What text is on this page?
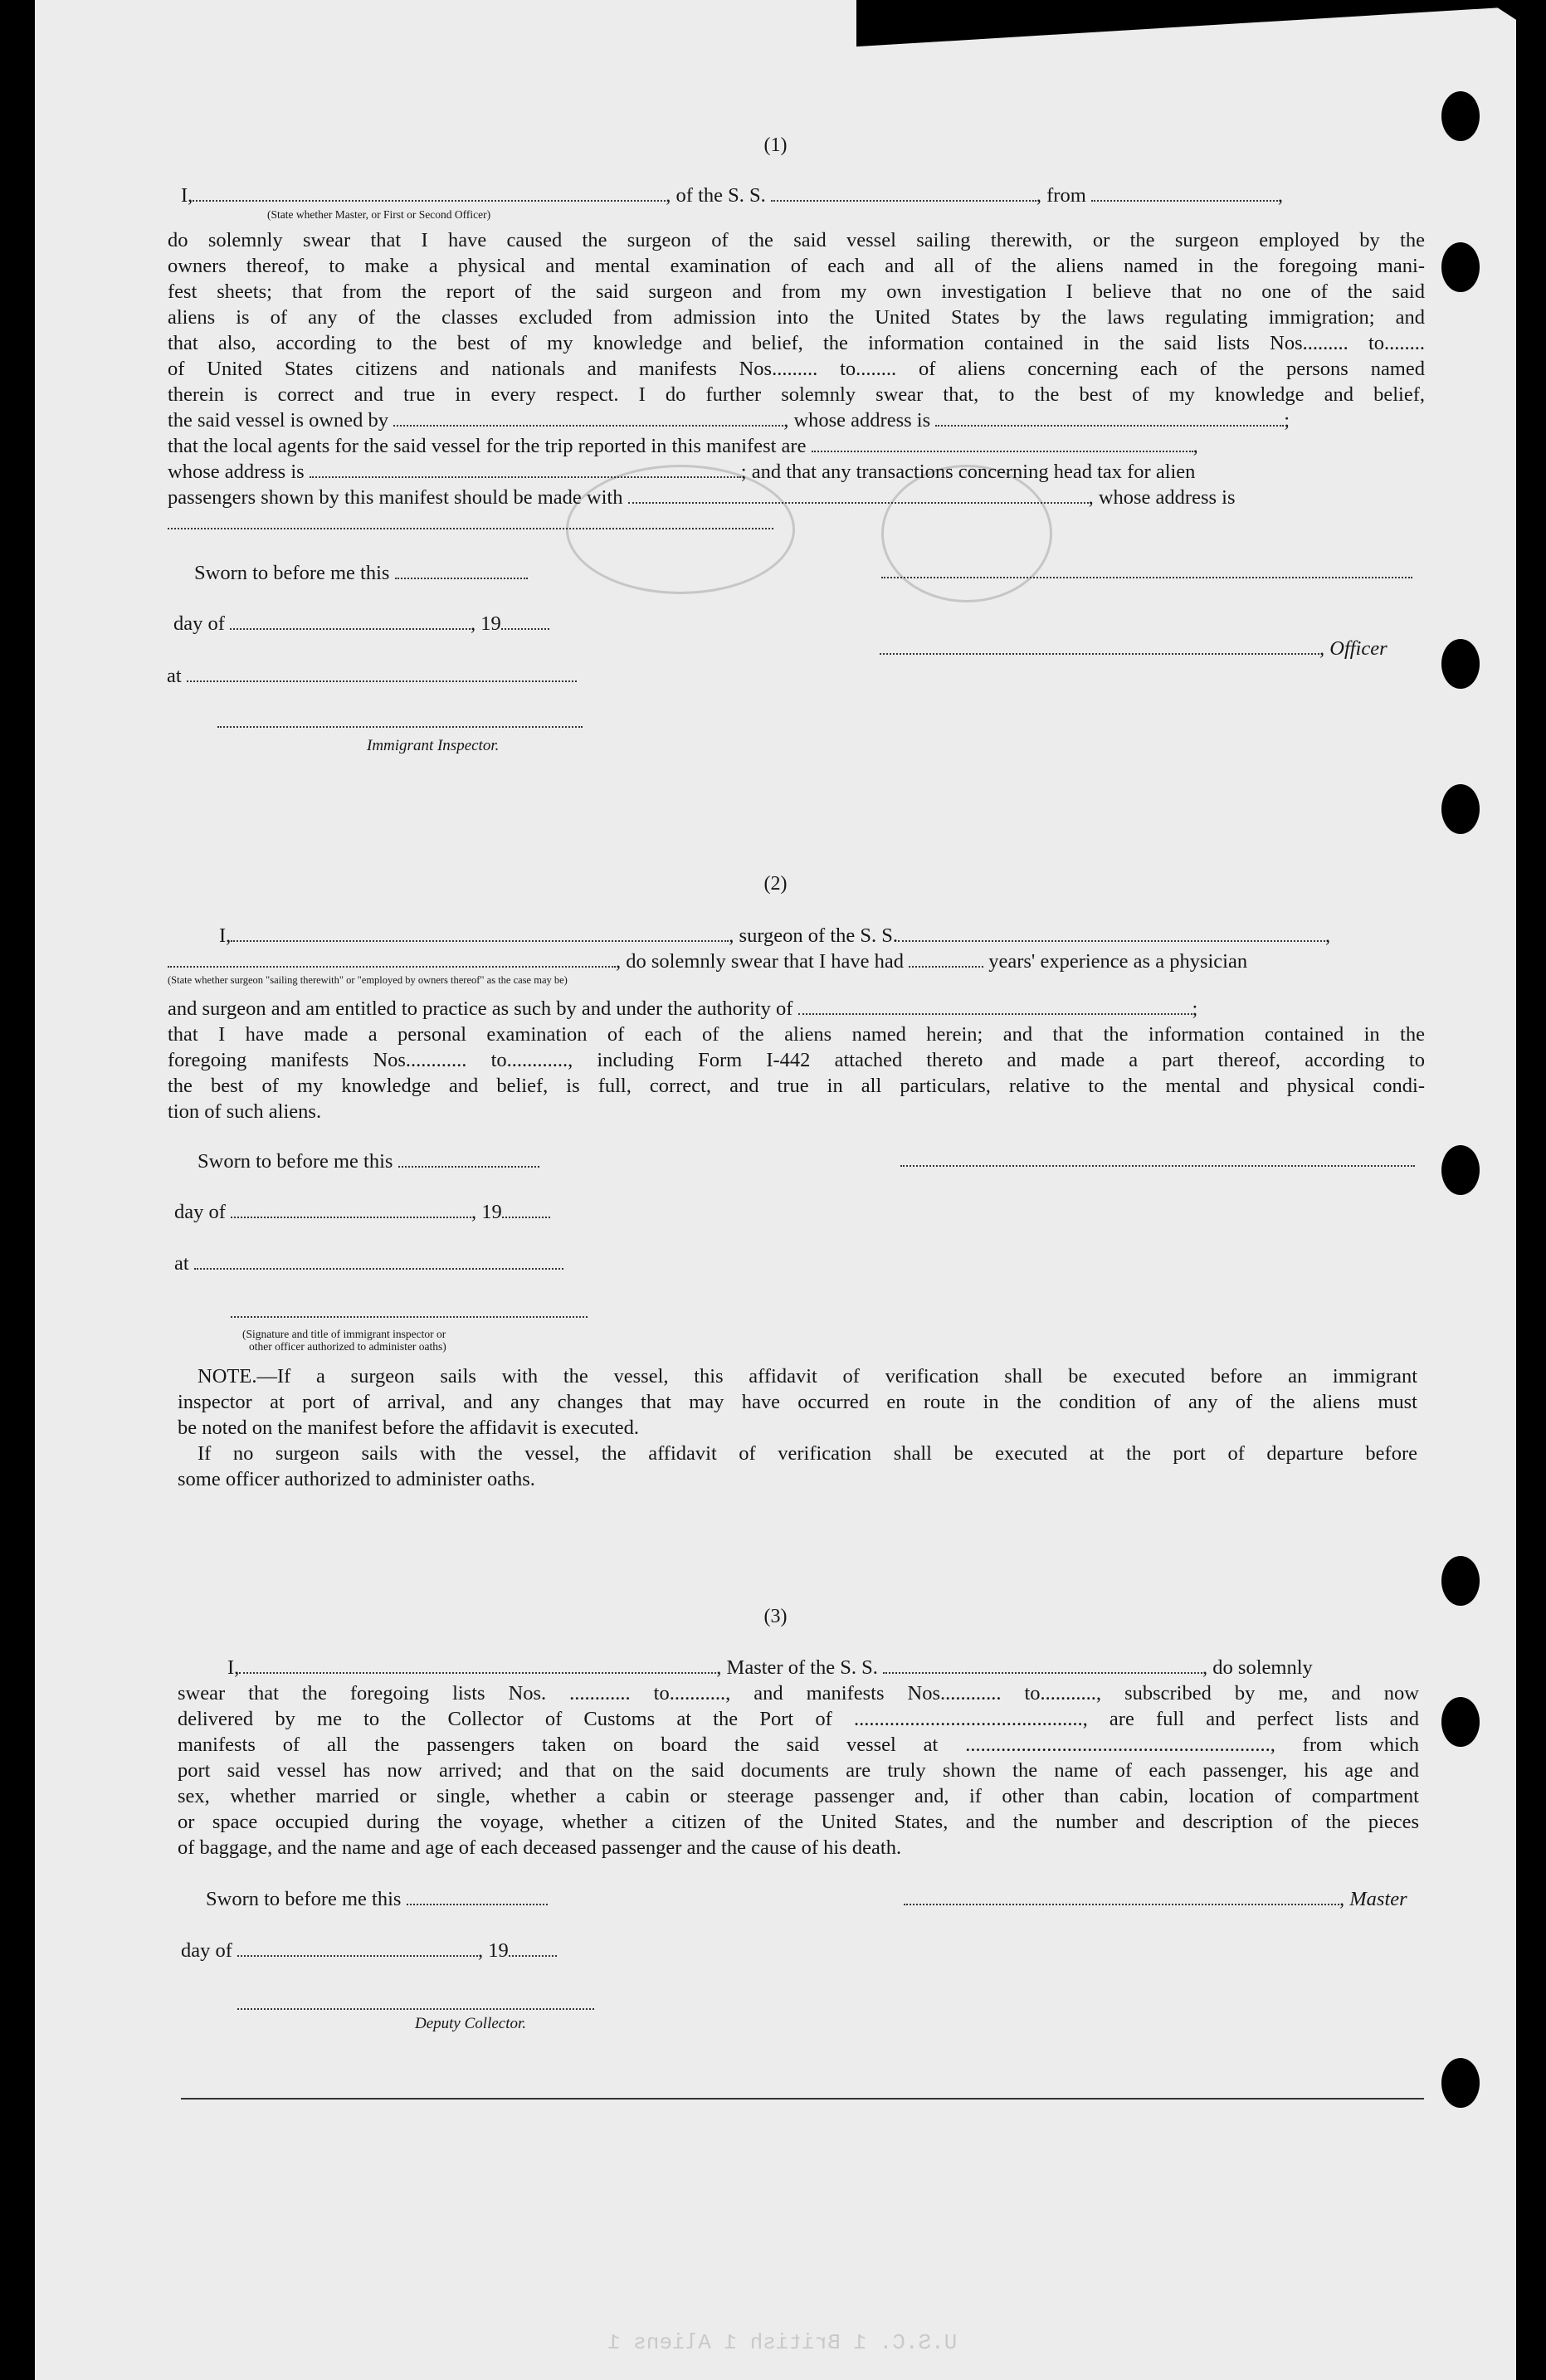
U.S.C. 1 British 1 Aliens 1
(1)
I,	, of the S. S.	, from	,
(State whether Master, or First or Second Officer)
do solemnly swear that I have caused the surgeon of the said vessel sailing therewith, or the surgeon employed by the
owners thereof, to make a physical and mental examination of each and all of the aliens named in the foregoing mani-
fest sheets; that from the report of the said surgeon and from my own investigation I believe that no one of the said
aliens is of any of the classes excluded from admission into the United States by the laws regulating immigration; and
that also, according to the best of my knowledge and belief, the information contained in the said lists Nos......... to........
of United States citizens and nationals and manifests Nos......... to........ of aliens concerning each of the persons named
therein is correct and true in every respect. I do further solemnly swear that, to the best of my knowledge and belief,
the said vessel is owned by	, whose address is	;
that the local agents for the said vessel for the trip reported in this manifest are	,
whose address is	; and that any transactions concerning head tax for alien
passengers shown by this manifest should be made with	, whose address is
Sworn to before me this
day of	, 19
, Officer
at
Immigrant Inspector.
(2)
I,	, surgeon of the S. S.	,
, do solemnly swear that I have had	years' experience as a physician
(State whether surgeon "sailing therewith" or "employed by owners thereof" as the case may be)
and surgeon and am entitled to practice as such by and under the authority of	;
that I have made a personal examination of each of the aliens named herein; and that the information contained in the
foregoing manifests Nos............ to............, including Form I-442 attached thereto and made a part thereof, according to
the best of my knowledge and belief, is full, correct, and true in all particulars, relative to the mental and physical condi-
tion of such aliens.
Sworn to before me this
day of	, 19
at
(Signature and title of immigrant inspector or
other officer authorized to administer oaths)
NOTE.—If a surgeon sails with the vessel, this affidavit of verification shall be executed before an immigrant
inspector at port of arrival, and any changes that may have occurred en route in the condition of any of the aliens must
be noted on the manifest before the affidavit is executed.
If no surgeon sails with the vessel, the affidavit of verification shall be executed at the port of departure before
some officer authorized to administer oaths.
(3)
I,	, Master of the S. S.	, do solemnly
swear that the foregoing lists Nos. ............ to..........., and manifests Nos............ to..........., subscribed by me, and now
delivered by me to the Collector of Customs at the Port of ............................................., are full and perfect lists and
manifests of all the passengers taken on board the said vessel at ............................................................, from which
port said vessel has now arrived; and that on the said documents are truly shown the name of each passenger, his age and
sex, whether married or single, whether a cabin or steerage passenger and, if other than cabin, location of compartment
or space occupied during the voyage, whether a citizen of the United States, and the number and description of the pieces
of baggage, and the name and age of each deceased passenger and the cause of his death.
Sworn to before me this	, Master
day of	, 19
Deputy Collector.
